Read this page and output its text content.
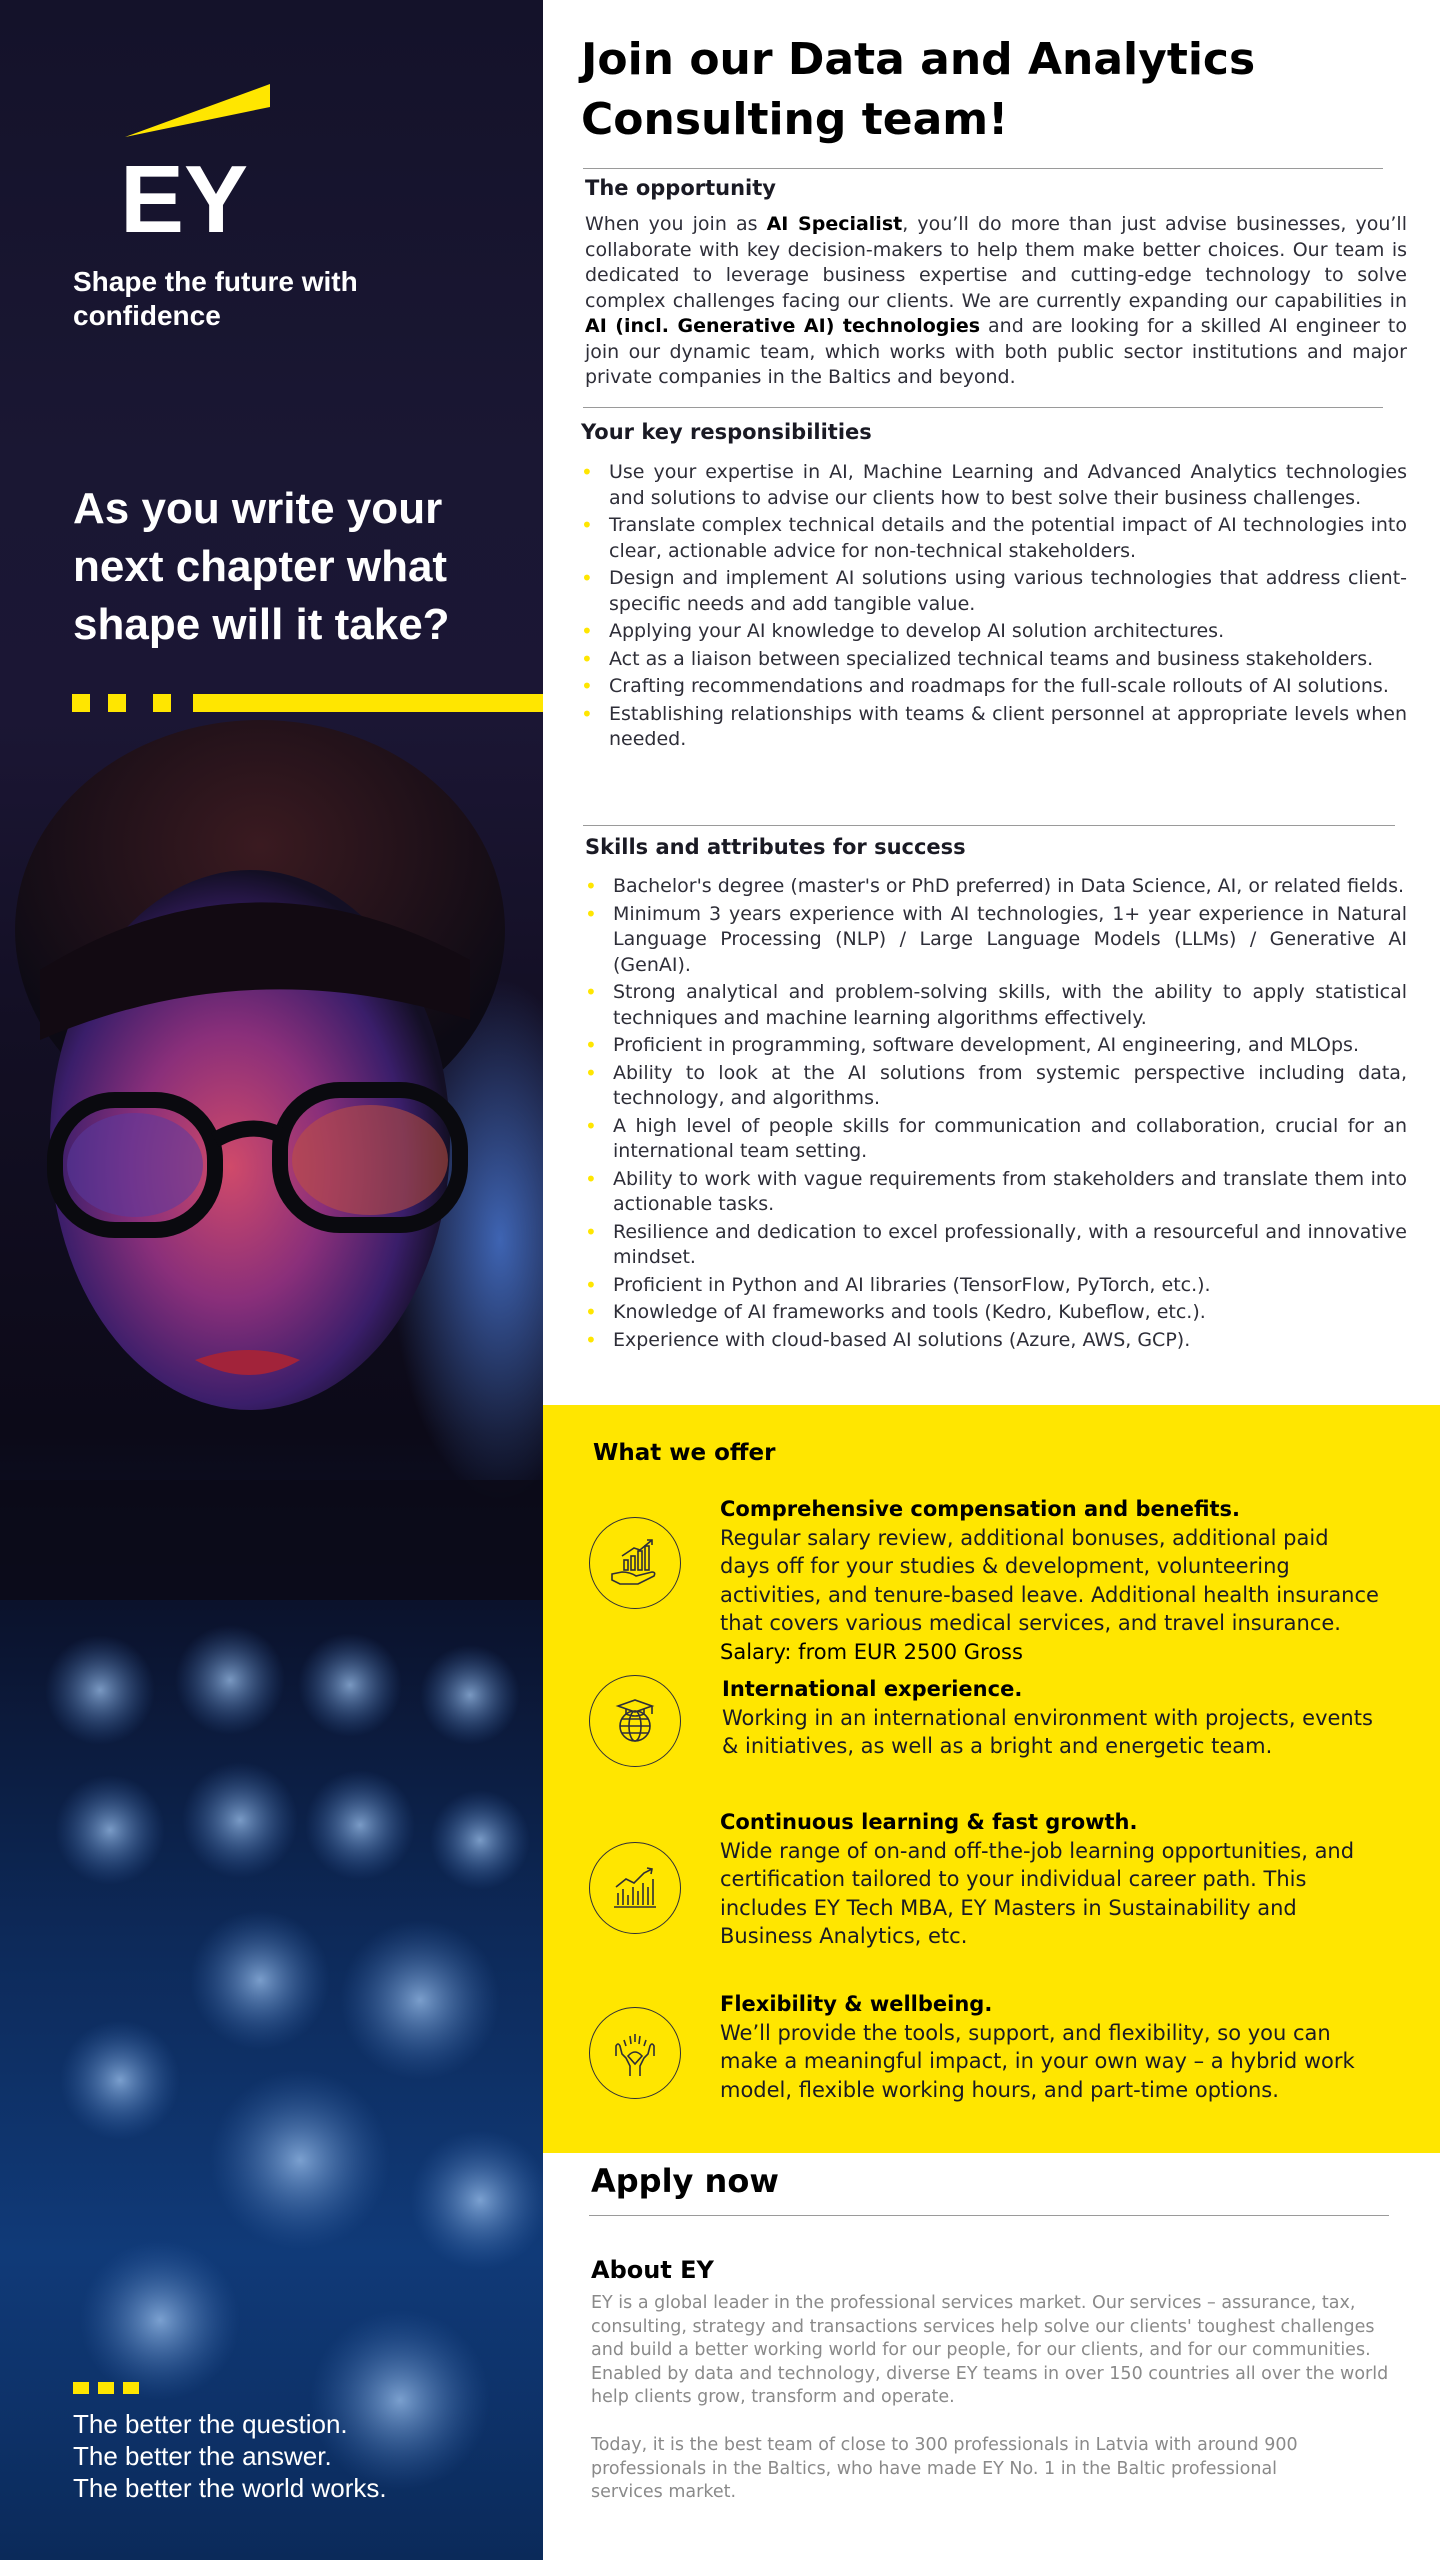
EY
Shape the future with confidence
As you write your next chapter what shape will it take?
The better the question.
The better the answer.
The better the world works.
Join our Data and Analytics Consulting team!
The opportunity

When you join as AI Specialist, you’ll do more than just advise businesses, you’ll collaborate with key decision-makers to help them make better choices. Our team is dedicated to leverage business expertise and cutting-edge technology to solve complex challenges facing our clients. We are currently expanding our capabilities in AI (incl. Generative AI) technologies and are looking for a skilled AI engineer to join our dynamic team, which works with both public sector institutions and major private companies in the Baltics and beyond.

Your key responsibilities
• Use your expertise in AI, Machine Learning and Advanced Analytics technologies and solutions to advise our clients how to best solve their business challenges.
• Translate complex technical details and the potential impact of AI technologies into clear, actionable advice for non-technical stakeholders.
• Design and implement AI solutions using various technologies that address client-specific needs and add tangible value.
• Applying your AI knowledge to develop AI solution architectures.
• Act as a liaison between specialized technical teams and business stakeholders.
• Crafting recommendations and roadmaps for the full-scale rollouts of AI solutions.
• Establishing relationships with teams & client personnel at appropriate levels when needed.
Skills and attributes for success
• Bachelor's degree (master's or PhD preferred) in Data Science, AI, or related fields.
• Minimum 3 years experience with AI technologies, 1+ year experience in Natural Language Processing (NLP) / Large Language Models (LLMs) / Generative AI (GenAI).
• Strong analytical and problem-solving skills, with the ability to apply statistical techniques and machine learning algorithms effectively.
• Proficient in programming, software development, AI engineering, and MLOps.
• Ability to look at the AI solutions from systemic perspective including data, technology, and algorithms.
• A high level of people skills for communication and collaboration, crucial for an international team setting.
• Ability to work with vague requirements from stakeholders and translate them into actionable tasks.
• Resilience and dedication to excel professionally, with a resourceful and innovative mindset.
• Proficient in Python and AI libraries (TensorFlow, PyTorch, etc.).
• Knowledge of AI frameworks and tools (Kedro, Kubeflow, etc.).
• Experience with cloud-based AI solutions (Azure, AWS, GCP).
What we offer
Comprehensive compensation and benefits.
Regular salary review, additional bonuses, additional paid days off for your studies & development, volunteering activities, and tenure-based leave. Additional health insurance that covers various medical services, and travel insurance. Salary: from EUR 2500 Gross
International experience.
Working in an international environment with projects, events & initiatives, as well as a bright and energetic team.
Continuous learning & fast growth.
Wide range of on-and off-the-job learning opportunities, and certification tailored to your individual career path. This includes EY Tech MBA, EY Masters in Sustainability and Business Analytics, etc.
Flexibility & wellbeing.
We’ll provide the tools, support, and flexibility, so you can make a meaningful impact, in your own way – a hybrid work model, flexible working hours, and part-time options.
Apply now
About EY

EY is a global leader in the professional services market. Our services – assurance, tax, consulting, strategy and transactions services help solve our clients' toughest challenges and build a better working world for our people, for our clients, and for our communities. Enabled by data and technology, diverse EY teams in over 150 countries all over the world help clients grow, transform and operate.

Today, it is the best team of close to 300 professionals in Latvia with around 900 professionals in the Baltics, who have made EY No. 1 in the Baltic professional services market.
